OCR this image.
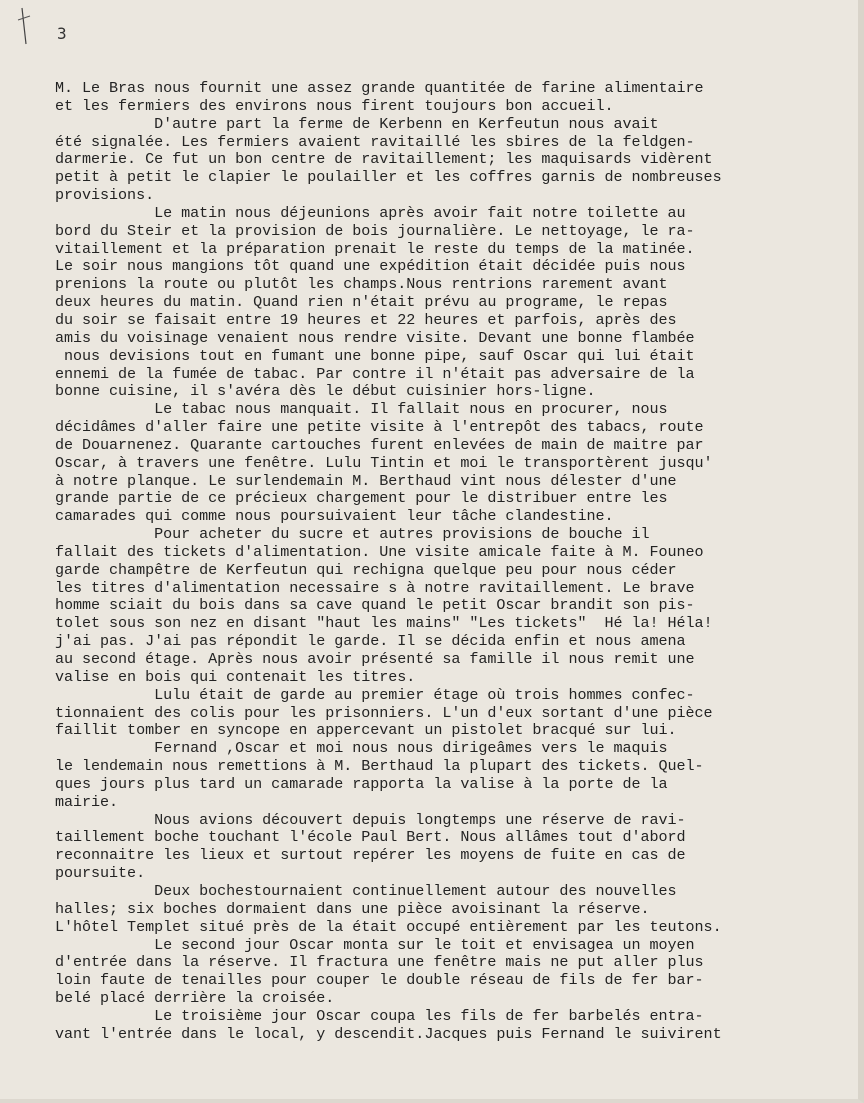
3

M. Le Bras nous fournit une assez grande quantitée de farine alimentaire
et les fermiers des environs nous firent toujours bon accueil.
D'autre part la ferme de Kerbenn en Kerfeutun nous avait
été signalée. Les fermiers avaient ravitaillé les sbires de la feldgen-
darmerie. Ce fut un bon centre de ravitaillement; les maquisards vidèrent
petit à petit le clapier le poulailler et les coffres garnis de nombreuses
provisions.
Le matin nous déjeunions après avoir fait notre toilette au
bord du Steir et la provision de bois journalière. Le nettoyage, le ra-
vitaillement et la préparation prenait le reste du temps de la matinée.
Le soir nous mangions tôt quand une expédition était décidée puis nous
prenions la route ou plutôt les champs.Nous rentrions rarement avant
deux heures du matin. Quand rien n'était prévu au programe, le repas
du soir se faisait entre 19 heures et 22 heures et parfois, après des
amis du voisinage venaient nous rendre visite. Devant une bonne flambée
nous devisions tout en fumant une bonne pipe, sauf Oscar qui lui était
ennemi de la fumée de tabac. Par contre il n'était pas adversaire de la
bonne cuisine, il s'avéra dès le début cuisinier hors-ligne.
Le tabac nous manquait. Il fallait nous en procurer, nous
décidâmes d'aller faire une petite visite à l'entrepôt des tabacs, route
de Douarnenez. Quarante cartouches furent enlevées de main de maitre par
Oscar, à travers une fenêtre. Lulu Tintin et moi le transportèrent jusqu'
à notre planque. Le surlendemain M. Berthaud vint nous délester d'une
grande partie de ce précieux chargement pour le distribuer entre les
camarades qui comme nous poursuivaient leur tâche clandestine.
Pour acheter du sucre et autres provisions de bouche il
fallait des tickets d'alimentation. Une visite amicale faite à M. Founeo
garde champêtre de Kerfeutun qui rechigna quelque peu pour nous céder
les titres d'alimentation necessaire s à notre ravitaillement. Le brave
homme sciait du bois dans sa cave quand le petit Oscar brandit son pis-
tolet sous son nez en disant "haut les mains" "Les tickets"  Hé la! Héla!
j'ai pas. J'ai pas répondit le garde. Il se décida enfin et nous amena
au second étage. Après nous avoir présenté sa famille il nous remit une
valise en bois qui contenait les titres.
Lulu était de garde au premier étage où trois hommes confec-
tionnaient des colis pour les prisonniers. L'un d'eux sortant d'une pièce
faillit tomber en syncope en appercevant un pistolet bracqué sur lui.
Fernand ,Oscar et moi nous nous dirigeâmes vers le maquis
le lendemain nous remettions à M. Berthaud la plupart des tickets. Quel-
ques jours plus tard un camarade rapporta la valise à la porte de la
mairie.
Nous avions découvert depuis longtemps une réserve de ravi-
taillement boche touchant l'école Paul Bert. Nous allâmes tout d'abord
reconnaitre les lieux et surtout repérer les moyens de fuite en cas de
poursuite.
Deux bochestournaient continuellement autour des nouvelles
halles; six boches dormaient dans une pièce avoisinant la réserve.
L'hôtel Templet situé près de la était occupé entièrement par les teutons.
Le second jour Oscar monta sur le toit et envisagea un moyen
d'entrée dans la réserve. Il fractura une fenêtre mais ne put aller plus
loin faute de tenailles pour couper le double réseau de fils de fer bar-
belé placé derrière la croisée.
Le troisième jour Oscar coupa les fils de fer barbelés entra-
vant l'entrée dans le local, y descendit.Jacques puis Fernand le suivirent
